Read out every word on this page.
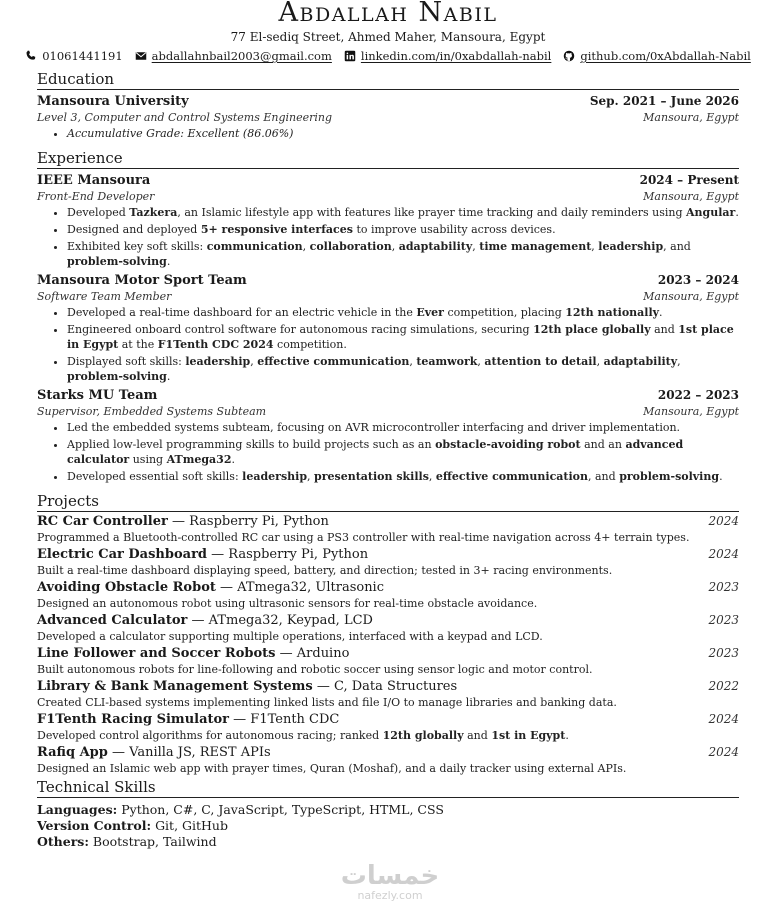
Abdallah Nabil
77 El-sediq Street, Ahmed Maher, Mansoura, Egypt
01061441191	abdallahnbail2003@gmail.com	linkedin.com/in/0xabdallah-nabil	github.com/0xAbdallah-Nabil
Education
Mansoura University	Sep. 2021 – June 2026
Level 3, Computer and Control Systems Engineering	Mansoura, Egypt
• Accumulative Grade: Excellent (86.06%)
Experience
IEEE Mansoura	2024 – Present
Front-End Developer	Mansoura, Egypt
• Developed Tazkera, an Islamic lifestyle app with features like prayer time tracking and daily reminders using Angular.
• Designed and deployed 5+ responsive interfaces to improve usability across devices.
• Exhibited key soft skills: communication, collaboration, adaptability, time management, leadership, and problem-solving.
Mansoura Motor Sport Team	2023 – 2024
Software Team Member	Mansoura, Egypt
• Developed a real-time dashboard for an electric vehicle in the Ever competition, placing 12th nationally.
• Engineered onboard control software for autonomous racing simulations, securing 12th place globally and 1st place in Egypt at the F1Tenth CDC 2024 competition.
• Displayed soft skills: leadership, effective communication, teamwork, attention to detail, adaptability, problem-solving.
Starks MU Team	2022 – 2023
Supervisor, Embedded Systems Subteam	Mansoura, Egypt
• Led the embedded systems subteam, focusing on AVR microcontroller interfacing and driver implementation.
• Applied low-level programming skills to build projects such as an obstacle-avoiding robot and an advanced calculator using ATmega32.
• Developed essential soft skills: leadership, presentation skills, effective communication, and problem-solving.
Projects
RC Car Controller — Raspberry Pi, Python	2024
Programmed a Bluetooth-controlled RC car using a PS3 controller with real-time navigation across 4+ terrain types.
Electric Car Dashboard — Raspberry Pi, Python	2024
Built a real-time dashboard displaying speed, battery, and direction; tested in 3+ racing environments.
Avoiding Obstacle Robot — ATmega32, Ultrasonic	2023
Designed an autonomous robot using ultrasonic sensors for real-time obstacle avoidance.
Advanced Calculator — ATmega32, Keypad, LCD	2023
Developed a calculator supporting multiple operations, interfaced with a keypad and LCD.
Line Follower and Soccer Robots — Arduino	2023
Built autonomous robots for line-following and robotic soccer using sensor logic and motor control.
Library & Bank Management Systems — C, Data Structures	2022
Created CLI-based systems implementing linked lists and file I/O to manage libraries and banking data.
F1Tenth Racing Simulator — F1Tenth CDC	2024
Developed control algorithms for autonomous racing; ranked 12th globally and 1st in Egypt.
Rafiq App — Vanilla JS, REST APIs	2024
Designed an Islamic web app with prayer times, Quran (Moshaf), and a daily tracker using external APIs.
Technical Skills
Languages: Python, C#, C, JavaScript, TypeScript, HTML, CSS
Version Control: Git, GitHub
Others: Bootstrap, Tailwind
خمسات
nafezly.com
